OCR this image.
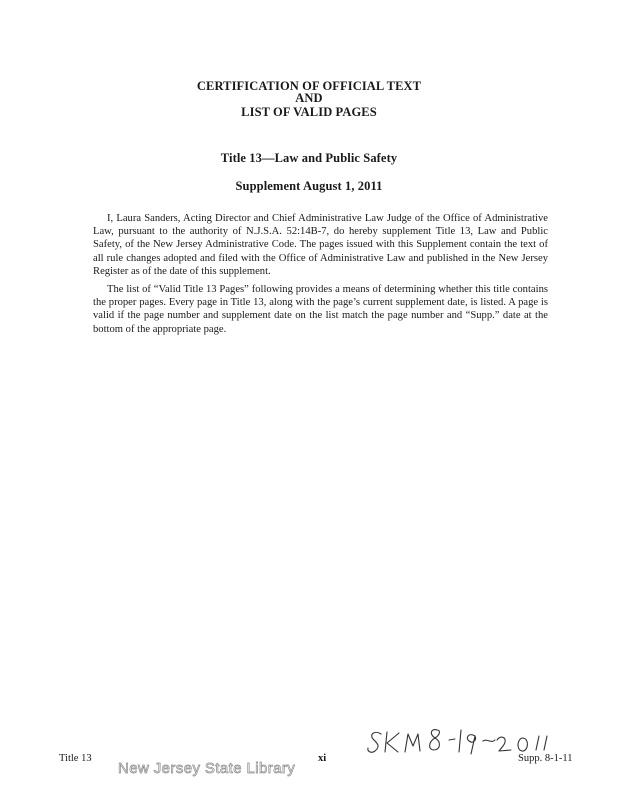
CERTIFICATION OF OFFICIAL TEXT
AND
LIST OF VALID PAGES
Title 13—Law and Public Safety
Supplement August 1, 2011

I, Laura Sanders, Acting Director and Chief Administrative Law Judge of the Office of Administrative Law, pursuant to the authority of N.J.S.A. 52:14B-7, do hereby supplement Title 13, Law and Public Safety, of the New Jersey Administrative Code. The pages issued with this Supplement contain the text of all rule changes adopted and filed with the Office of Administrative Law and published in the New Jersey Register as of the date of this supplement.

The list of “Valid Title 13 Pages” following provides a means of determining whether this title contains the proper pages. Every page in Title 13, along with the page’s current supplement date, is listed. A page is valid if the page number and supplement date on the list match the page number and “Supp.” date at the bottom of the appropriate page.

Title 13	xi	Supp. 8-1-11
New Jersey State Library
